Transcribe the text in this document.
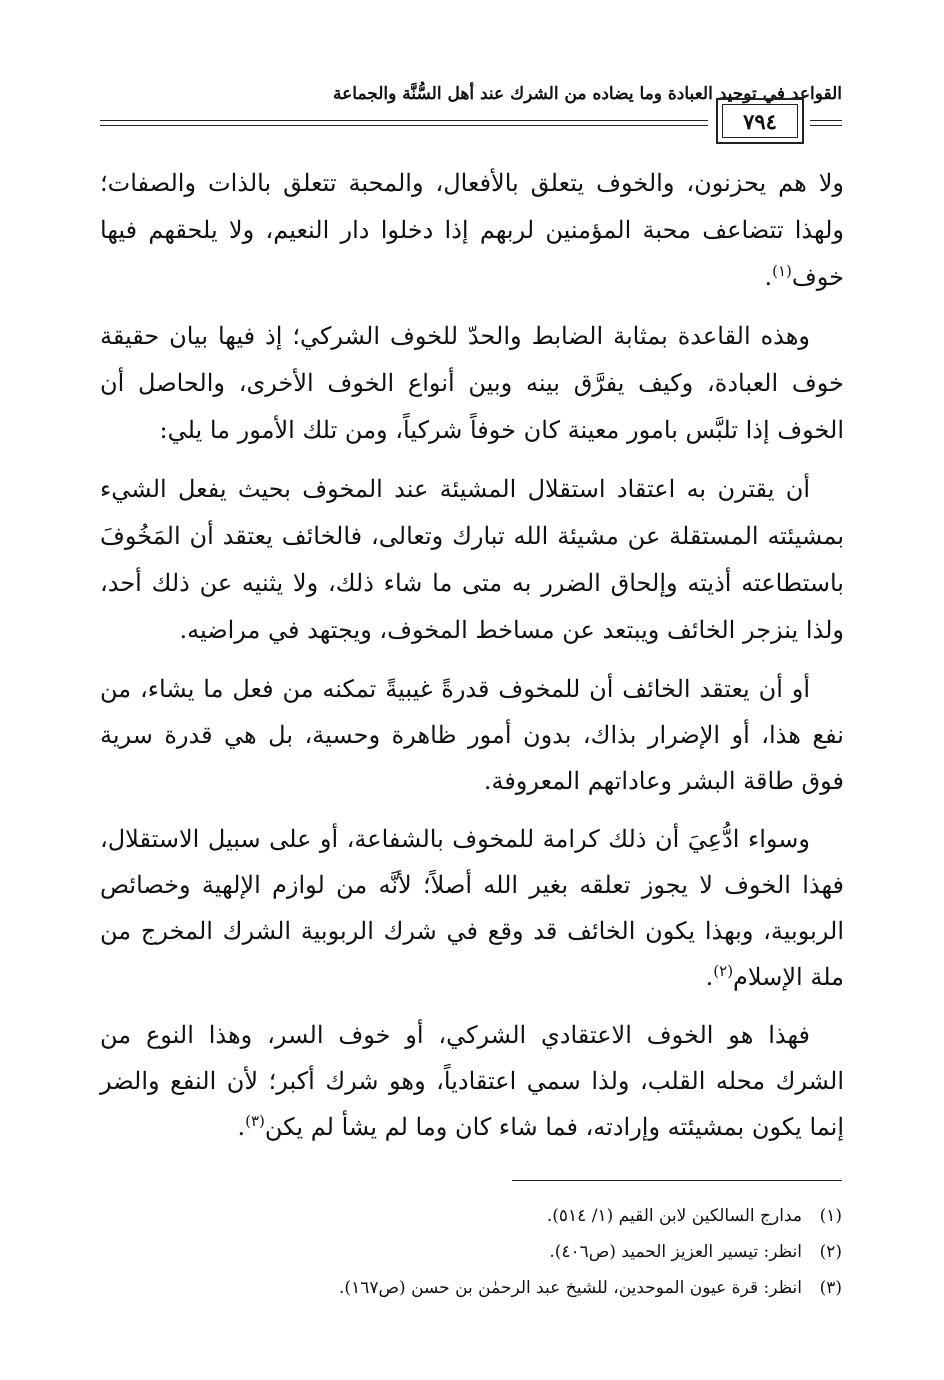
القواعد في توحيد العبادة وما يضاده من الشرك عند أهل السُّنَّة والجماعة
٧٩٤

ولا هم يحزنون، والخوف يتعلق بالأفعال، والمحبة تتعلق بالذات والصفات؛ ولهذا تتضاعف محبة المؤمنين لربهم إذا دخلوا دار النعيم، ولا يلحقهم فيها خوف$^{(١)}$.

وهذه القاعدة بمثابة الضابط والحدّ للخوف الشركي؛ إذ فيها بيان حقيقة خوف العبادة، وكيف يفرَّق بينه وبين أنواع الخوف الأخرى، والحاصل أن الخوف إذا تلبَّس بامور معينة كان خوفاً شركياً، ومن تلك الأمور ما يلي:

أن يقترن به اعتقاد استقلال المشيئة عند المخوف بحيث يفعل الشيء بمشيئته المستقلة عن مشيئة الله تبارك وتعالى، فالخائف يعتقد أن المَخُوفَ باستطاعته أذيته وإلحاق الضرر به متى ما شاء ذلك، ولا يثنيه عن ذلك أحد، ولذا ينزجر الخائف ويبتعد عن مساخط المخوف، ويجتهد في مراضيه.

أو أن يعتقد الخائف أن للمخوف قدرةً غيبيةً تمكنه من فعل ما يشاء، من نفع هذا، أو الإضرار بذاك، بدون أمور ظاهرة وحسية، بل هي قدرة سرية فوق طاقة البشر وعاداتهم المعروفة.

وسواء ادُّعِيَ أن ذلك كرامة للمخوف بالشفاعة، أو على سبيل الاستقلال، فهذا الخوف لا يجوز تعلقه بغير الله أصلاً؛ لأنَّه من لوازم الإلهية وخصائص الربوبية، وبهذا يكون الخائف قد وقع في شرك الربوبية الشرك المخرج من ملة الإسلام$^{(٢)}$.

فهذا هو الخوف الاعتقادي الشركي، أو خوف السر، وهذا النوع من الشرك محله القلب، ولذا سمي اعتقادياً، وهو شرك أكبر؛ لأن النفع والضر إنما يكون بمشيئته وإرادته، فما شاء كان وما لم يشأ لم يكن$^{(٣)}$.

(١)مدارج السالكين لابن القيم (١/ ٥١٤).
(٢)انظر: تيسير العزيز الحميد (ص٤٠٦).
(٣)انظر: قرة عيون الموحدين، للشيخ عبد الرحمٰن بن حسن (ص١٦٧).
